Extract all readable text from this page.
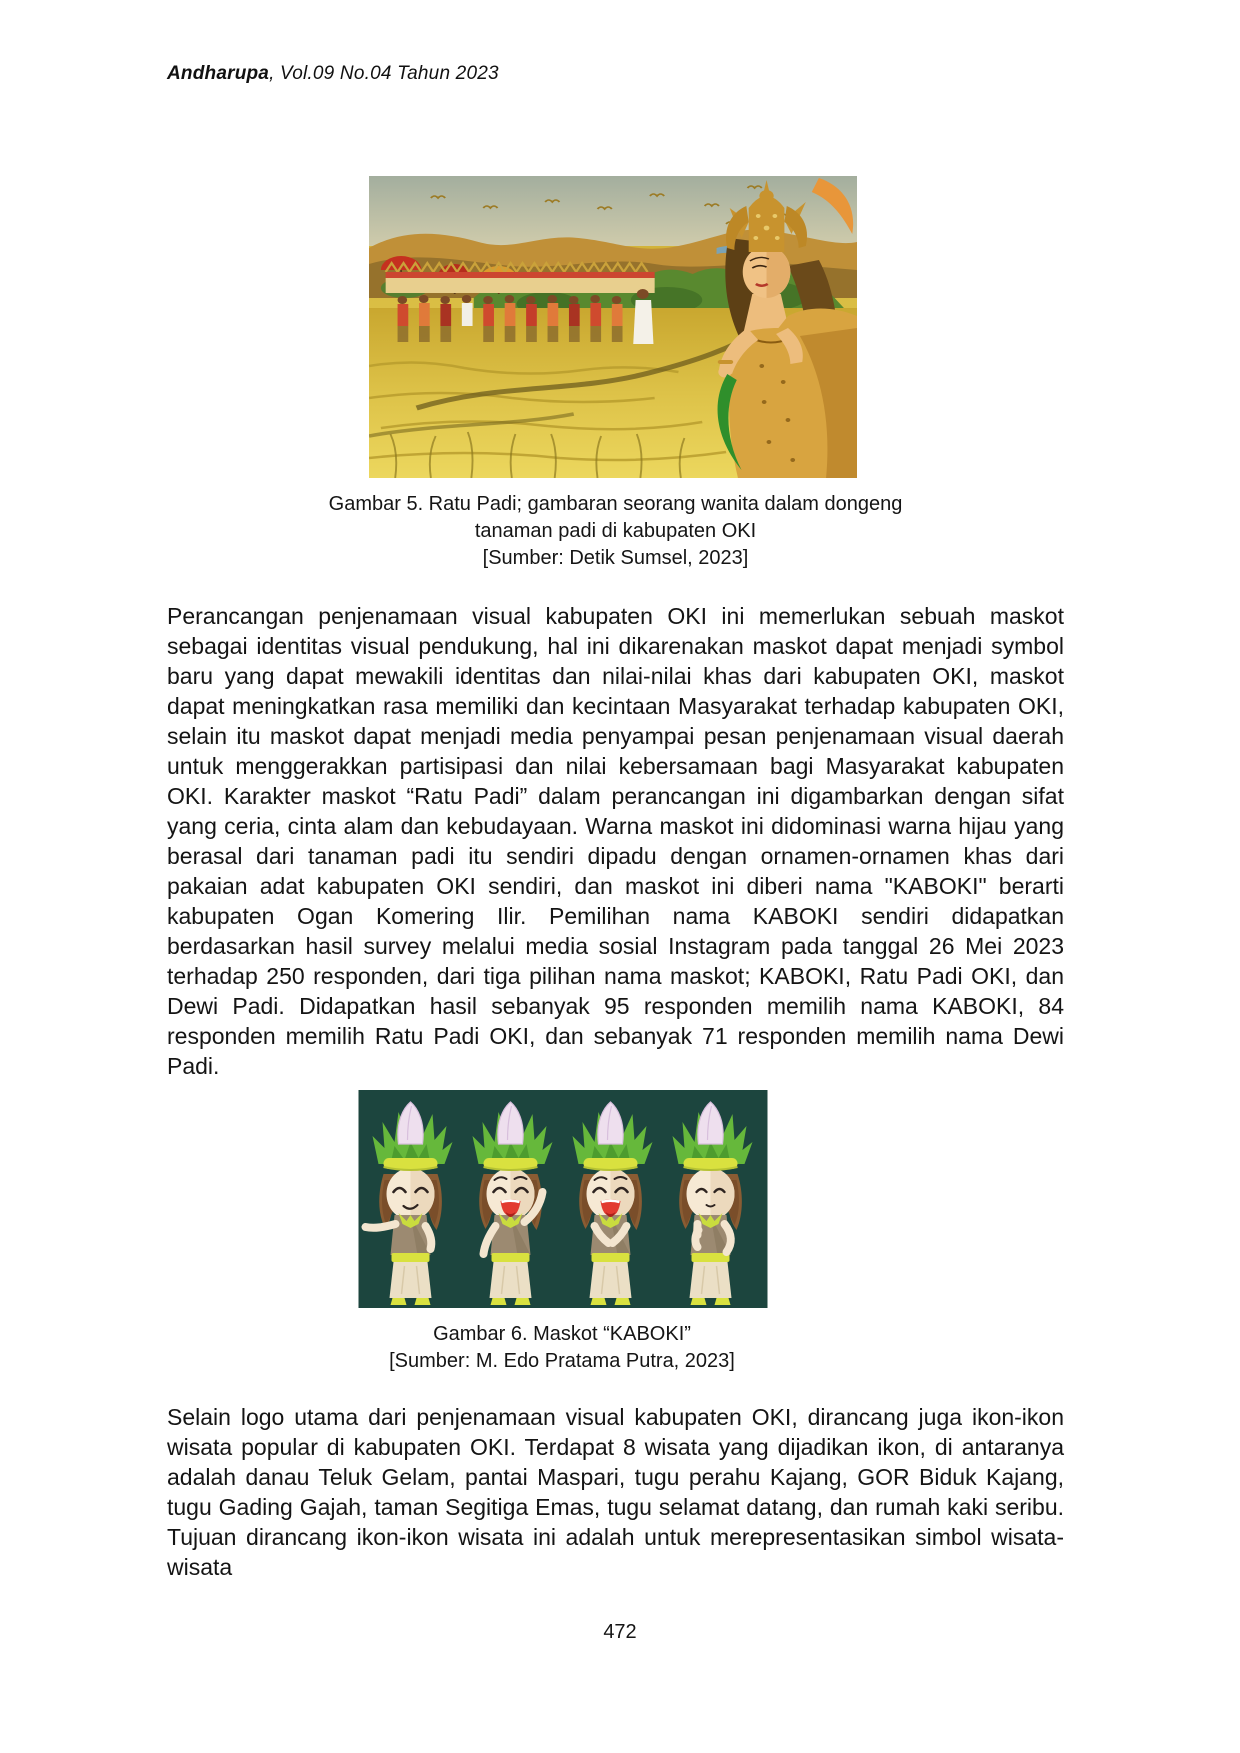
Andharupa, Vol.09 No.04 Tahun 2023
Gambar 5. Ratu Padi; gambaran seorang wanita dalam dongeng
tanaman padi di kabupaten OKI
[Sumber: Detik Sumsel, 2023]
Perancangan penjenamaan visual kabupaten OKI ini memerlukan sebuah maskot sebagai identitas visual pendukung, hal ini dikarenakan maskot dapat menjadi symbol baru yang dapat mewakili identitas dan nilai-nilai khas dari kabupaten OKI, maskot dapat meningkatkan rasa memiliki dan kecintaan Masyarakat terhadap kabupaten OKI, selain itu maskot dapat menjadi media penyampai pesan penjenamaan visual daerah untuk menggerakkan partisipasi dan nilai kebersamaan bagi Masyarakat kabupaten OKI. Karakter maskot “Ratu Padi” dalam perancangan ini digambarkan dengan sifat yang ceria, cinta alam dan kebudayaan. Warna maskot ini didominasi warna hijau yang berasal dari tanaman padi itu sendiri dipadu dengan ornamen-ornamen khas dari pakaian adat kabupaten OKI sendiri, dan maskot ini diberi nama "KABOKI" berarti kabupaten Ogan Komering Ilir. Pemilihan nama KABOKI sendiri didapatkan berdasarkan hasil survey melalui media sosial Instagram pada tanggal 26 Mei 2023 terhadap 250 responden, dari tiga pilihan nama maskot; KABOKI, Ratu Padi OKI, dan Dewi Padi. Didapatkan hasil sebanyak 95 responden memilih nama KABOKI, 84 responden memilih Ratu Padi OKI, dan sebanyak 71 responden memilih nama Dewi Padi.
Gambar 6. Maskot “KABOKI”
[Sumber: M. Edo Pratama Putra, 2023]
Selain logo utama dari penjenamaan visual kabupaten OKI, dirancang juga ikon-ikon wisata popular di kabupaten OKI. Terdapat 8 wisata yang dijadikan ikon, di antaranya adalah danau Teluk Gelam, pantai Maspari, tugu perahu Kajang, GOR Biduk Kajang, tugu Gading Gajah, taman Segitiga Emas, tugu selamat datang, dan rumah kaki seribu. Tujuan dirancang ikon-ikon wisata ini adalah untuk merepresentasikan simbol wisata-wisata
472
